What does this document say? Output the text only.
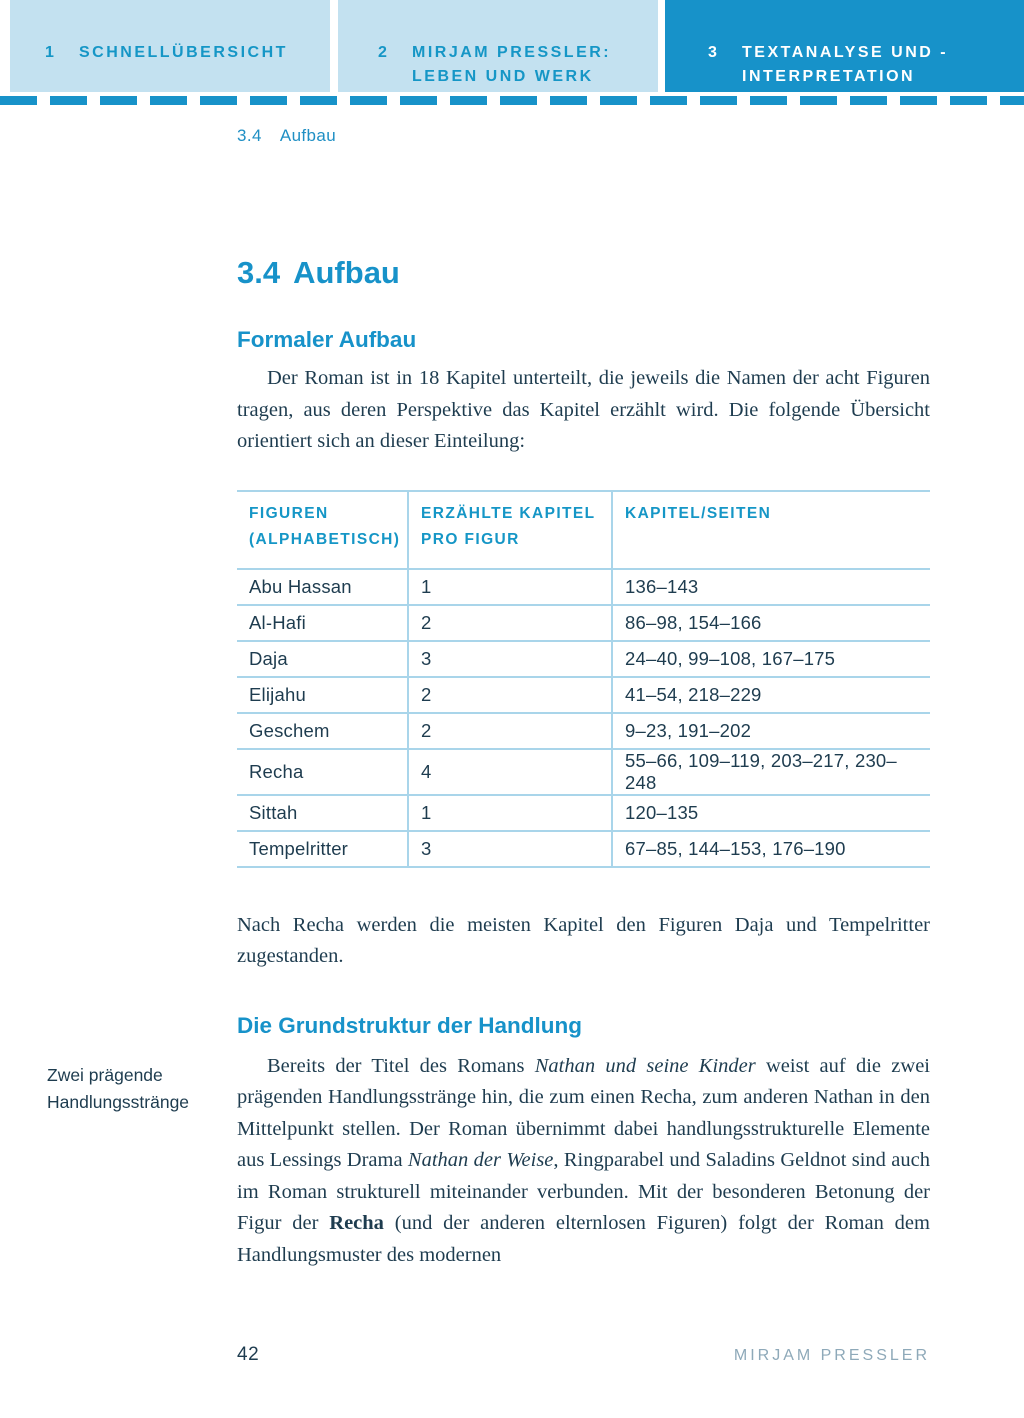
1	SCHNELLÜBERSICHT	2	MIRJAM PRESSLER: LEBEN UND WERK
3	TEXTANALYSE UND -INTERPRETATION
3.4 Aufbau
3.4 Aufbau
Formaler Aufbau

Der Roman ist in 18 Kapitel unterteilt, die jeweils die Namen der acht Figuren tragen, aus deren Perspektive das Kapitel erzählt wird. Die folgende Übersicht orientiert sich an dieser Einteilung:

FIGUREN (ALPHABETISCH)	ERZÄHLTE KAPITEL PRO FIGUR	KAPITEL/SEITEN
Abu Hassan	1	136–143
Al-Hafi	2	86–98, 154–166
Daja	3	24–40, 99–108, 167–175
Elijahu	2	41–54, 218–229
Geschem	2	9–23, 191–202
Recha	4	55–66, 109–119, 203–217, 230–248
Sittah	1	120–135
Tempelritter	3	67–85, 144–153, 176–190

Nach Recha werden die meisten Kapitel den Figuren Daja und Tempelritter zugestanden.

Die Grundstruktur der Handlung

Bereits der Titel des Romans Nathan und seine Kinder weist auf die zwei prägenden Handlungsstränge hin, die zum einen Recha, zum anderen Nathan in den Mittelpunkt stellen. Der Roman übernimmt dabei handlungsstrukturelle Elemente aus Lessings Drama Nathan der Weise, Ringparabel und Saladins Geldnot sind auch im Roman strukturell miteinander verbunden. Mit der besonderen Betonung der Figur der Recha (und der anderen elternlosen Figuren) folgt der Roman dem Handlungsmuster des modernen

Zwei prägende Handlungsstränge
42	MIRJAM PRESSLER
